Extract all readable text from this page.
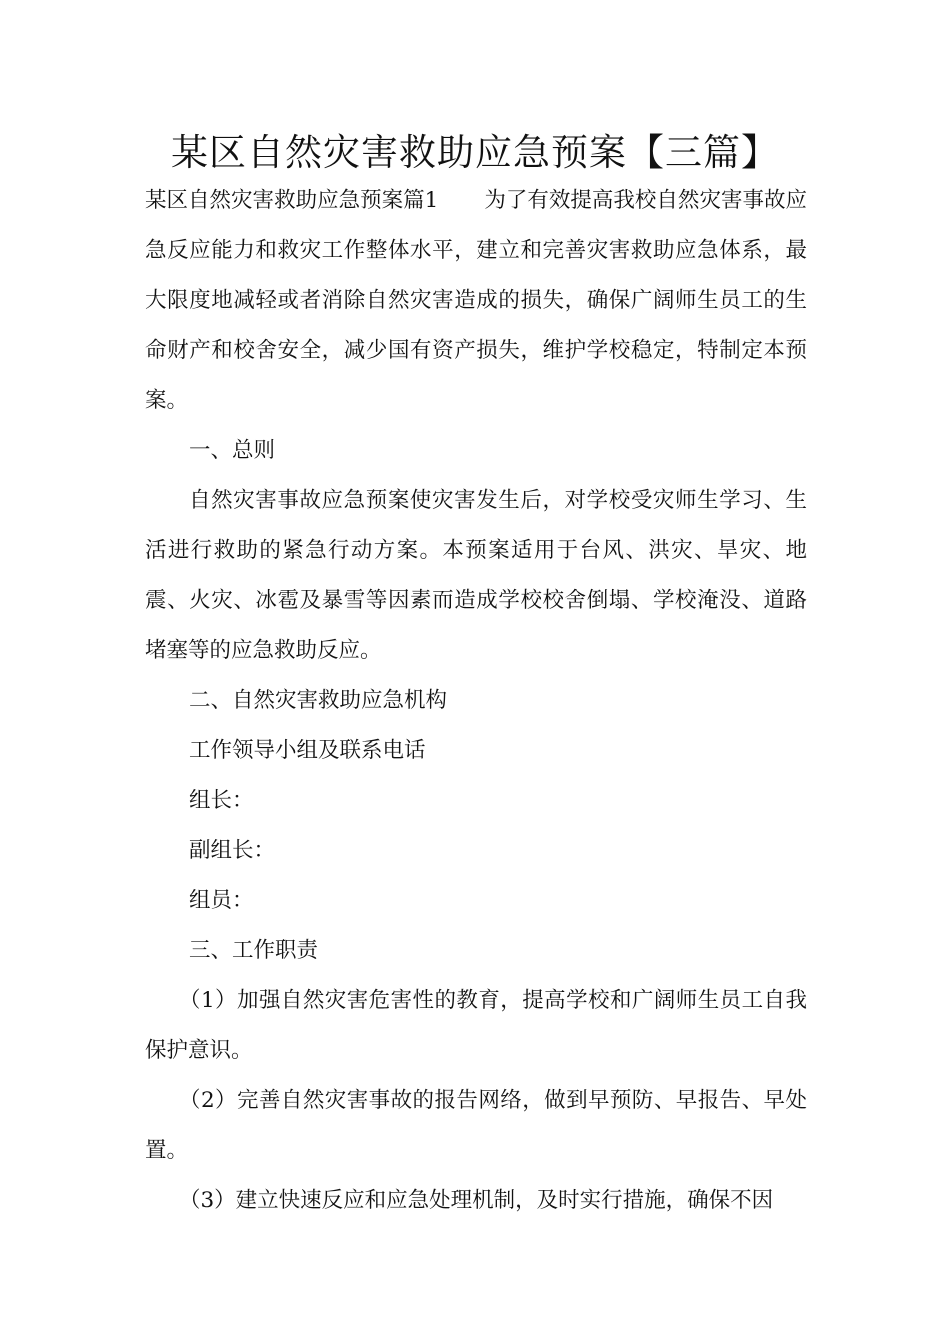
某区自然灾害救助应急预案【三篇】

某区自然灾害救助应急预案篇1 为了有效提高我校自然灾害事故应急反应能力和救灾工作整体水平，建立和完善灾害救助应急体系，最大限度地减轻或者消除自然灾害造成的损失，确保广阔师生员工的生命财产和校舍安全，减少国有资产损失，维护学校稳定，特制定本预案。

一、总则

自然灾害事故应急预案使灾害发生后，对学校受灾师生学习、生活进行救助的紧急行动方案。本预案适用于台风、洪灾、旱灾、地震、火灾、冰雹及暴雪等因素而造成学校校舍倒塌、学校淹没、道路堵塞等的应急救助反应。

二、自然灾害救助应急机构

工作领导小组及联系电话

组长：

副组长：

组员：

三、工作职责

（1）加强自然灾害危害性的教育，提高学校和广阔师生员工自我保护意识。

（2）完善自然灾害事故的报告网络，做到早预防、早报告、早处置。

（3）建立快速反应和应急处理机制，及时实行措施，确保不因
